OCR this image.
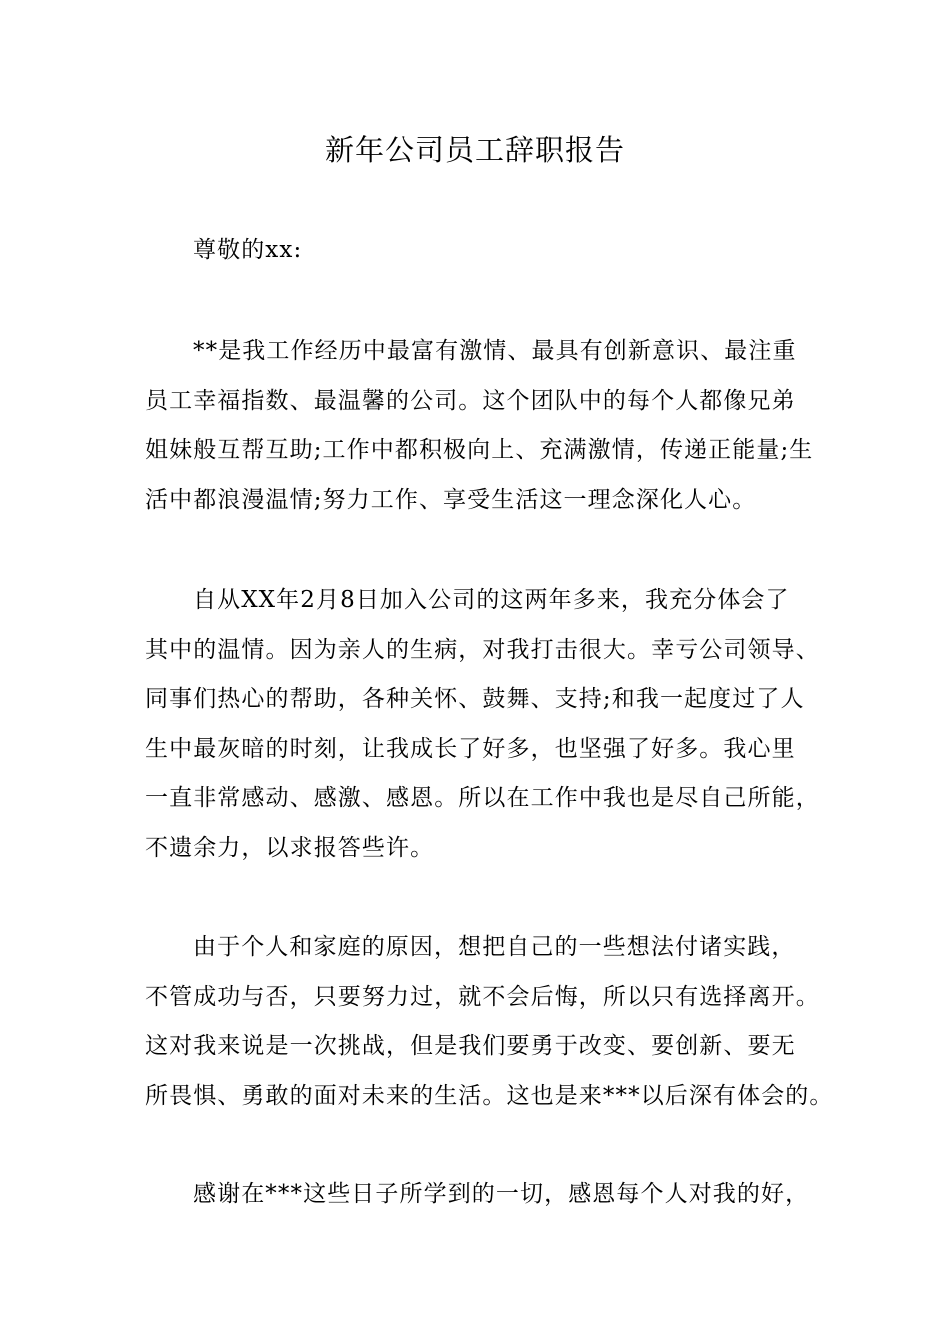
新年公司员工辞职报告

尊敬的xx:

**是我工作经历中最富有激情、最具有创新意识、最注重
员工幸福指数、最温馨的公司。这个团队中的每个人都像兄弟
姐妹般互帮互助;工作中都积极向上、充满激情，传递正能量;生
活中都浪漫温情;努力工作、享受生活这一理念深化人心。

自从XX年2月8日加入公司的这两年多来，我充分体会了
其中的温情。因为亲人的生病，对我打击很大。幸亏公司领导、
同事们热心的帮助，各种关怀、鼓舞、支持;和我一起度过了人
生中最灰暗的时刻，让我成长了好多，也坚强了好多。我心里
一直非常感动、感激、感恩。所以在工作中我也是尽自己所能，
不遗余力，以求报答些许。

由于个人和家庭的原因，想把自己的一些想法付诸实践，
不管成功与否，只要努力过，就不会后悔，所以只有选择离开。
这对我来说是一次挑战，但是我们要勇于改变、要创新、要无
所畏惧、勇敢的面对未来的生活。这也是来***以后深有体会的。

感谢在***这些日子所学到的一切，感恩每个人对我的好，
